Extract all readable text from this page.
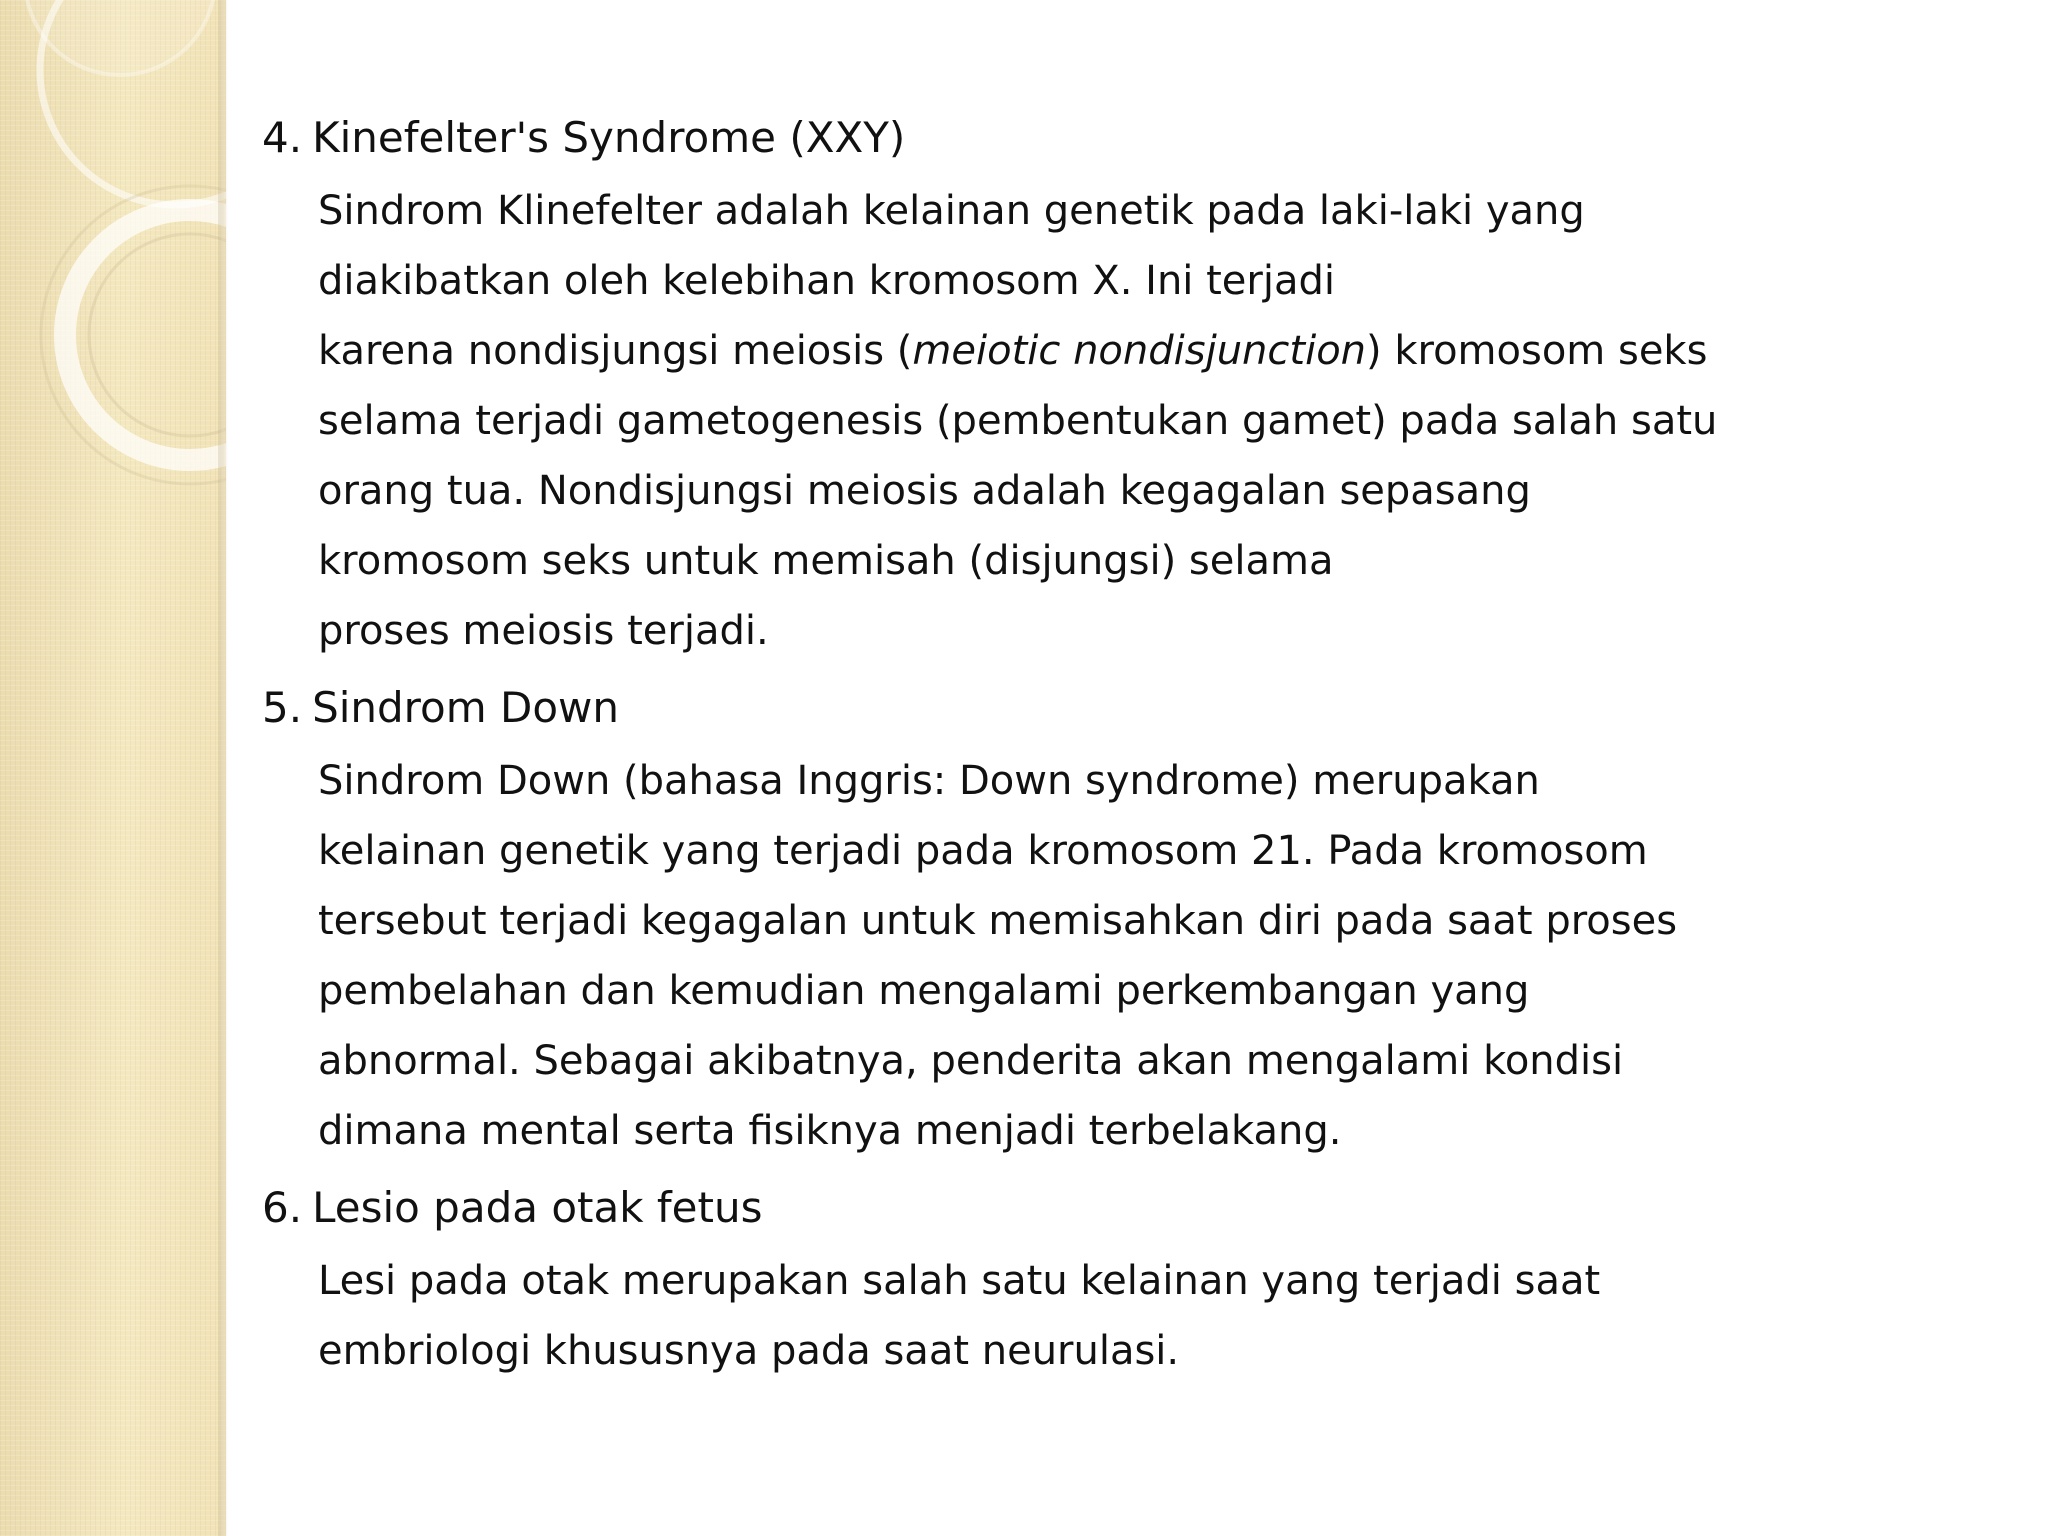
4. Kinefelter's Syndrome (XXY)
Sindrom Klinefelter adalah kelainan genetik pada laki-laki yang
diakibatkan oleh kelebihan kromosom X. Ini terjadi
karena nondisjungsi meiosis (meiotic nondisjunction) kromosom seks
selama terjadi gametogenesis (pembentukan gamet) pada salah satu
orang tua. Nondisjungsi meiosis adalah kegagalan sepasang
kromosom seks untuk memisah (disjungsi) selama
proses meiosis terjadi.
5. Sindrom Down
Sindrom Down (bahasa Inggris: Down syndrome) merupakan
kelainan genetik yang terjadi pada kromosom 21. Pada kromosom
tersebut terjadi kegagalan untuk memisahkan diri pada saat proses
pembelahan dan kemudian mengalami perkembangan yang
abnormal. Sebagai akibatnya, penderita akan mengalami kondisi
dimana mental serta fisiknya menjadi terbelakang.
6. Lesio pada otak fetus
Lesi pada otak merupakan salah satu kelainan yang terjadi saat
embriologi khususnya pada saat neurulasi.
